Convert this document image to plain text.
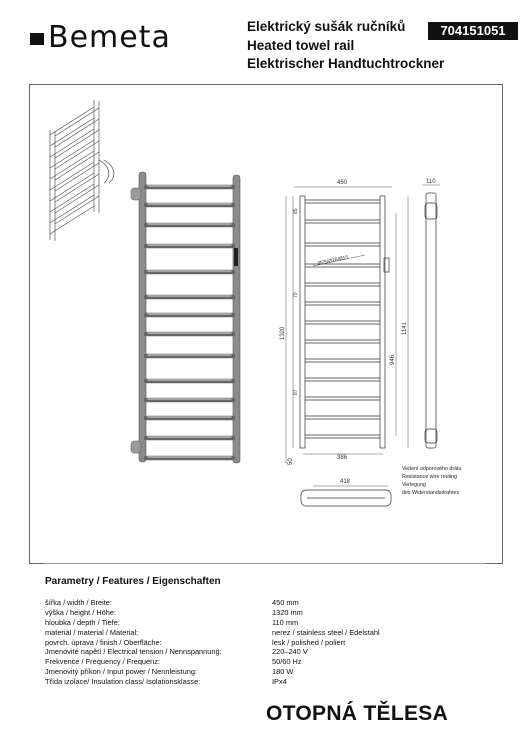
Bemeta	Elektrický sušák ručníků
Heated towel rail
Elektrischer Handtuchtrockner
704151051
450	110
386
418
1320	1141
946
50
Ø25/Ø25/Ø15
85
70
87
Vedení odporového drátu
Resistance wire routing
Verlegung
des Widerstandsdrahtes
Parametry / Features / Eigenschaften
šířka / width / Breite:	450 mm
výška / height / Höhe:	1320 mm
hloubka / depth / Tiefe:	110 mm
materiál / material / Material:	nerez / stainless steel / Edelstahl
povrch. úprava / finish / Oberfläche:	lesk / polished / poliert
Jmenovité napětí / Electrical tension / Nennspannung:	220–240 V
Frekvence / Frequency / Frequenz:	50/60 Hz
Jmenovitý příkon / Input power / Nennleistung:	180 W
Třída izolace/ Insulation class/ Isolationsklasse:	IPx4
OTOPNÁ TĚLESA
